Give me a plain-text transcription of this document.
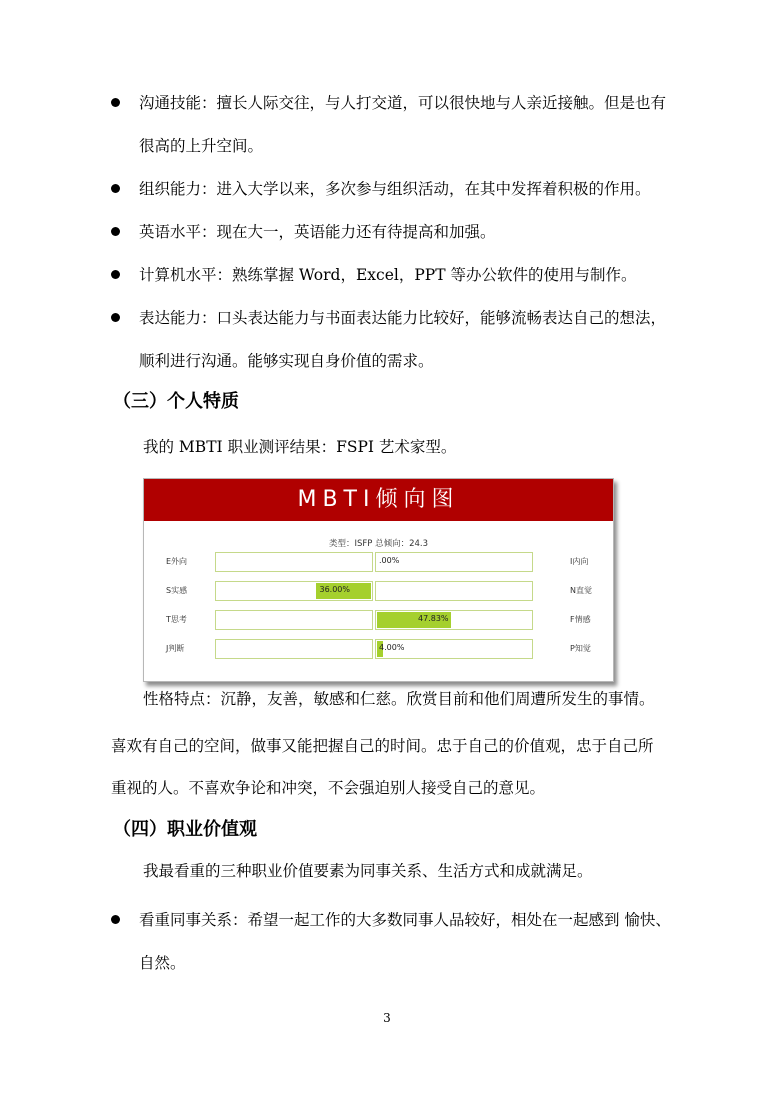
沟通技能：擅长人际交往，与人打交道，可以很快地与人亲近接触。但是也有
很高的上升空间。
组织能力：进入大学以来，多次参与组织活动，在其中发挥着积极的作用。
英语水平：现在大一，英语能力还有待提高和加强。
计算机水平：熟练掌握 Word，Excel，PPT 等办公软件的使用与制作。
表达能力：口头表达能力与书面表达能力比较好，能够流畅表达自己的想法，
顺利进行沟通。能够实现自身价值的需求。
（三）个人特质
我的 MBTI 职业测评结果：FSPI 艺术家型。
MBTI倾向图
类型：ISFP 总倾向：24.3
E外向	.00%	I内向
S实感	36.00%	N直觉
T思考	47.83%	F情感
J判断	4.00%	P知觉
性格特点：沉静，友善，敏感和仁慈。欣赏目前和他们周遭所发生的事情。
喜欢有自己的空间，做事又能把握自己的时间。忠于自己的价值观，忠于自己所
重视的人。不喜欢争论和冲突，不会强迫别人接受自己的意见。
（四）职业价值观
我最看重的三种职业价值要素为同事关系、生活方式和成就满足。
看重同事关系：希望一起工作的大多数同事人品较好，相处在一起感到 愉快、
自然。
3
